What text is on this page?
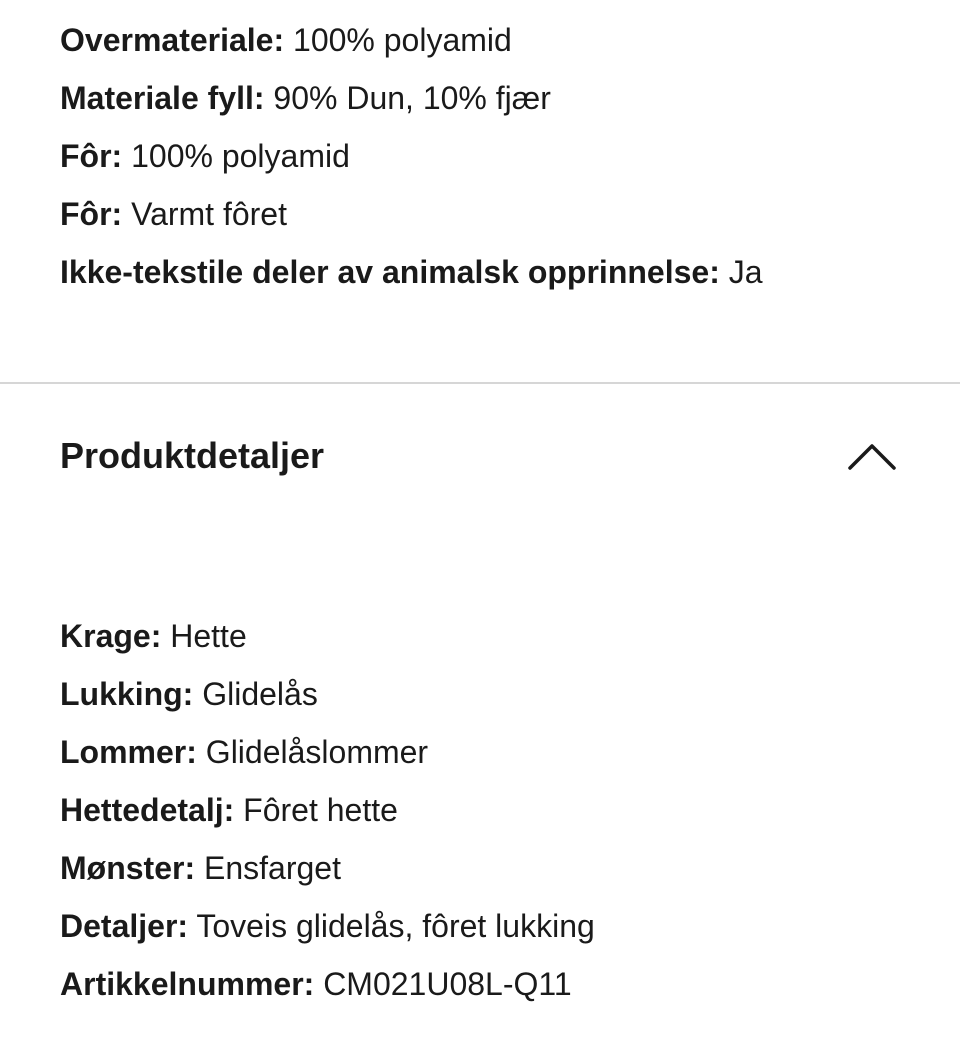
Overmateriale: 100% polyamid
Materiale fyll: 90% Dun, 10% fjær
Fôr: 100% polyamid
Fôr: Varmt fôret
Ikke-tekstile deler av animalsk opprinnelse: Ja
Produktdetaljer
Krage: Hette
Lukking: Glidelås
Lommer: Glidelåslommer
Hettedetalj: Fôret hette
Mønster: Ensfarget
Detaljer: Toveis glidelås, fôret lukking
Artikkelnummer: CM021U08L-Q11
